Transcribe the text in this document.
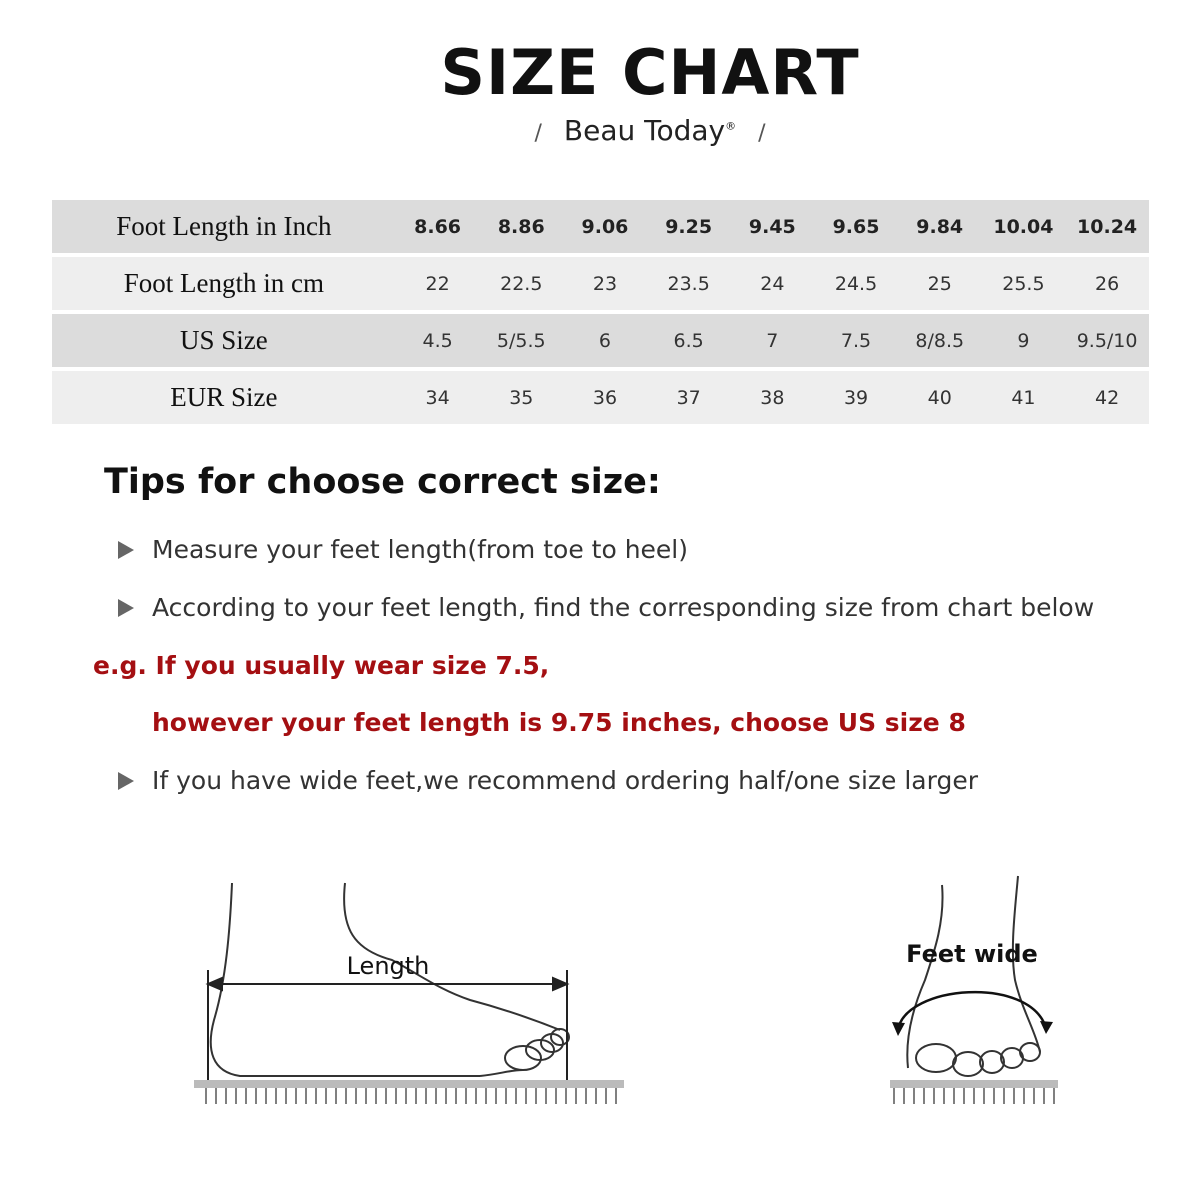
SIZE CHART
/ Beau Today® /
Foot Length in Inch	8.66	8.86	9.06	9.25	9.45	9.65	9.84	10.04	10.24
Foot Length in cm	22	22.5	23	23.5	24	24.5	25	25.5	26
US Size	4.5	5/5.5	6	6.5	7	7.5	8/8.5	9	9.5/10
EUR Size	34	35	36	37	38	39	40	41	42
Tips for choose correct size:
Measure your feet length(from toe to heel)
According to your feet length, find the corresponding size from chart below
e.g. If you usually wear size 7.5,
however your feet length is 9.75 inches, choose US size 8
If you have wide feet,we recommend ordering half/one size larger
Length	Feet wide
